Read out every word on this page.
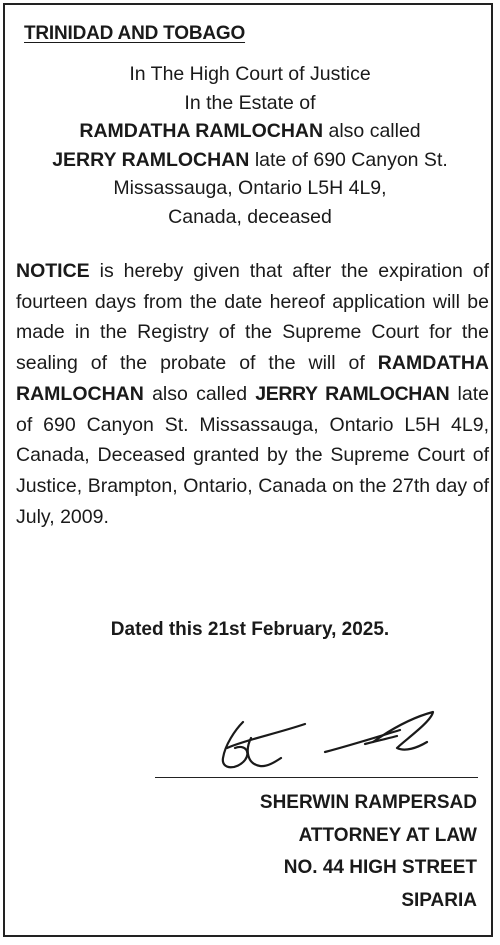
TRINIDAD AND TOBAGO
In The High Court of Justice
In the Estate of
RAMDATHA RAMLOCHAN also called
JERRY RAMLOCHAN late of 690 Canyon St.
Missassauga, Ontario L5H 4L9,
Canada, deceased

NOTICE is hereby given that after the expiration of fourteen days from the date hereof application will be made in the Registry of the Supreme Court for the sealing of the probate of the will of RAMDATHA RAMLOCHAN also called JERRY RAMLOCHAN late of 690 Canyon St. Missassauga, Ontario L5H 4L9, Canada, Deceased granted by the Supreme Court of Justice, Brampton, Ontario, Canada on the 27th day of July, 2009.

Dated this 21st February, 2025.
SHERWIN RAMPERSAD
ATTORNEY AT LAW
NO. 44 HIGH STREET
SIPARIA
